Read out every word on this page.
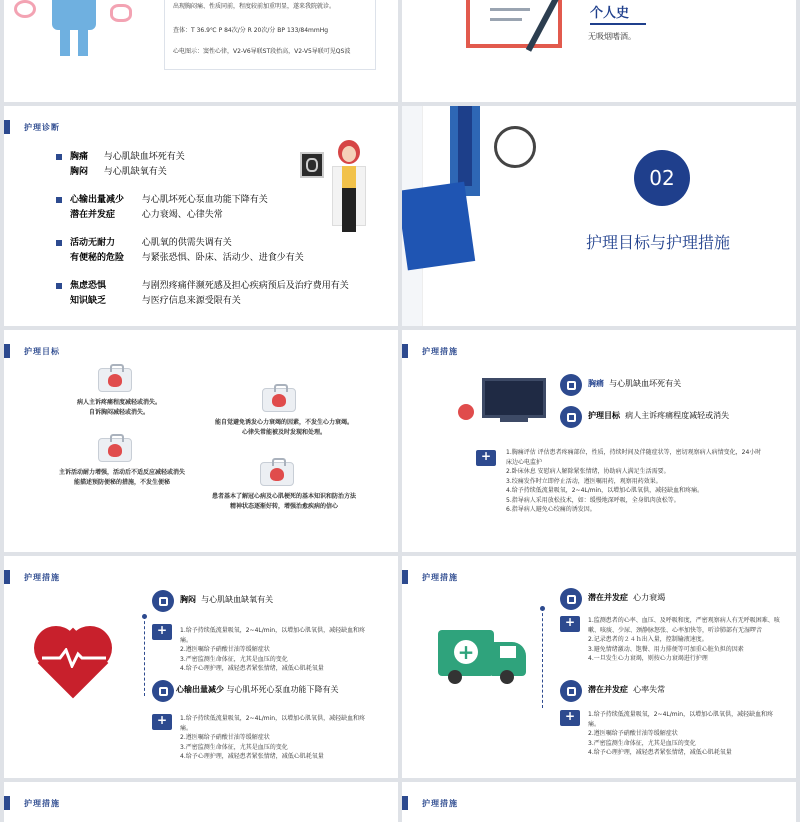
出现胸闷痛、性质同前，程度较前加重明显，遂来我院就诊。
查体：T 36.9℃ P 84次/分 R 20次/分 BP 133/84mmHg
心电图示：窦性心律，V2-V6导联ST段抬高，V2-V5导联可见QS波
个人史
无吸烟嗜酒。
护理诊断
胸痛 与心肌缺血坏死有关
胸闷 与心肌缺氧有关
心输出量减少 与心肌坏死心泵血功能下降有关
潜在并发症	心力衰竭、心律失常
活动无耐力	心肌氧的供需失调有关
有便秘的危险 与紧张恐惧、卧床、活动少、进食少有关
焦虑恐惧	与剧烈疼痛伴濒死感及担心疾病预后及治疗费用有关
知识缺乏	与医疗信息来源受限有关
02
护理目标与护理措施
护理目标
病人主诉疼痛程度减轻或消失。
自诉胸闷减轻或消失。
能自觉避免诱发心力衰竭的因素，不发生心力衰竭。
心律失常能被及时发现和处理。
主诉活动耐力增强，活动后不适反应减轻或消失
能描述预防便秘的措施，不发生便秘
患者基本了解冠心病及心肌梗死的基本知识和防治方法
精神状态逐渐好转，增强治愈疾病的信心
护理措施
胸痛 与心肌缺血坏死有关
护理目标 病人主诉疼痛程度减轻或消失
+
1.胸痛评估 评估患者疼痛部位，性质，持续时间及伴随症状等，密切观察病人病情变化，24小时床边心电监护
2.卧床休息 安慰病人解除紧张情绪，协助病人满足生活需要。
3.绞痛发作时立即停止活动，遵医嘱用药，观察用药效果。
4.给予持续低流量吸氧，2~4L/min，以增加心肌氧供，减轻缺血和疼痛。
5.指导病人采用放松技术，如：缓慢地深呼吸，全身肌肉放松等。
6.指导病人避免心绞痛的诱发因。
护理措施
胸闷 与心肌缺血缺氧有关
+
1.给予持续低流量吸氧，2~4L/min，以增加心肌氧供，减轻缺血和疼痛。
2.遵医嘱给予硝酸甘油等缓解症状
3.严密监测生命体征，尤其是血压的变化
4.给予心理护理，减轻患者紧张情绪，减低心肌耗氧量
心输出量减少 与心肌坏死心泵血功能下降有关
+
1.给予持续低流量吸氧，2~4L/min，以增加心肌氧供，减轻缺血和疼痛。
2.遵医嘱给予硝酸甘油等缓解症状
3.严密监测生命体征，尤其是血压的变化
4.给予心理护理，减轻患者紧张情绪，减低心肌耗氧量
护理措施
+
潜在并发症 心力衰竭
+
1.监测患者的心率、血压、及呼吸和度，严密观察病人有无呼吸困难、咳嗽、咳痰、少尿、颈静脉怒张、心率加快等，听诊肺部有无湿啰音
2.记录患者的２４ｈ出入量，控制输液速度。
3.避免情绪激动、饱餐、用力排便等可加重心脏负担的因素
4.一旦发生心力衰竭，则按心力衰竭进行护理
潜在并发症 心率失常
+
1.给予持续低流量吸氧，2~4L/min，以增加心肌氧供，减轻缺血和疼痛。
2.遵医嘱给予硝酸甘油等缓解症状
3.严密监测生命体征，尤其是血压的变化
4.给予心理护理，减轻患者紧张情绪，减低心肌耗氧量
护理措施	护理措施
